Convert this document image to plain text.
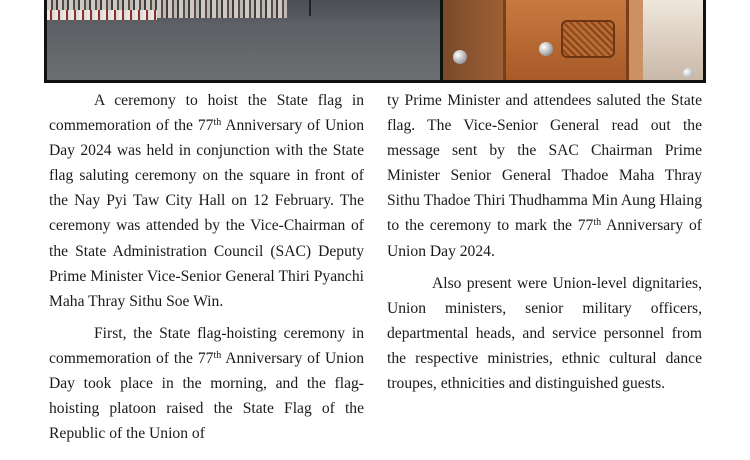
A ceremony to hoist the State flag in commemoration of the 77th Anniversary of Union Day 2024 was held in conjunction with the State flag saluting ceremony on the square in front of the Nay Pyi Taw City Hall on 12 February. The ceremony was attended by the Vice-Chairman of the State Administration Council (SAC) Deputy Prime Minister Vice-Senior General Thiri Pyanchi Maha Thray Sithu Soe Win.

First, the State flag-hoisting ceremony in commemoration of the 77th Anniversary of Union Day took place in the morning, and the flag-hoisting platoon raised the State Flag of the Republic of the Union of

ty Prime Minister and attendees saluted the State flag. The Vice-Senior General read out the message sent by the SAC Chairman Prime Minister Senior General Thadoe Maha Thray Sithu Thadoe Thiri Thudhamma Min Aung Hlaing to the ceremony to mark the 77th Anniversary of Union Day 2024.

Also present were Union-level dignitaries, Union ministers, senior military officers, departmental heads, and service personnel from the respective ministries, ethnic cultural dance troupes, ethnicities and distinguished guests.
